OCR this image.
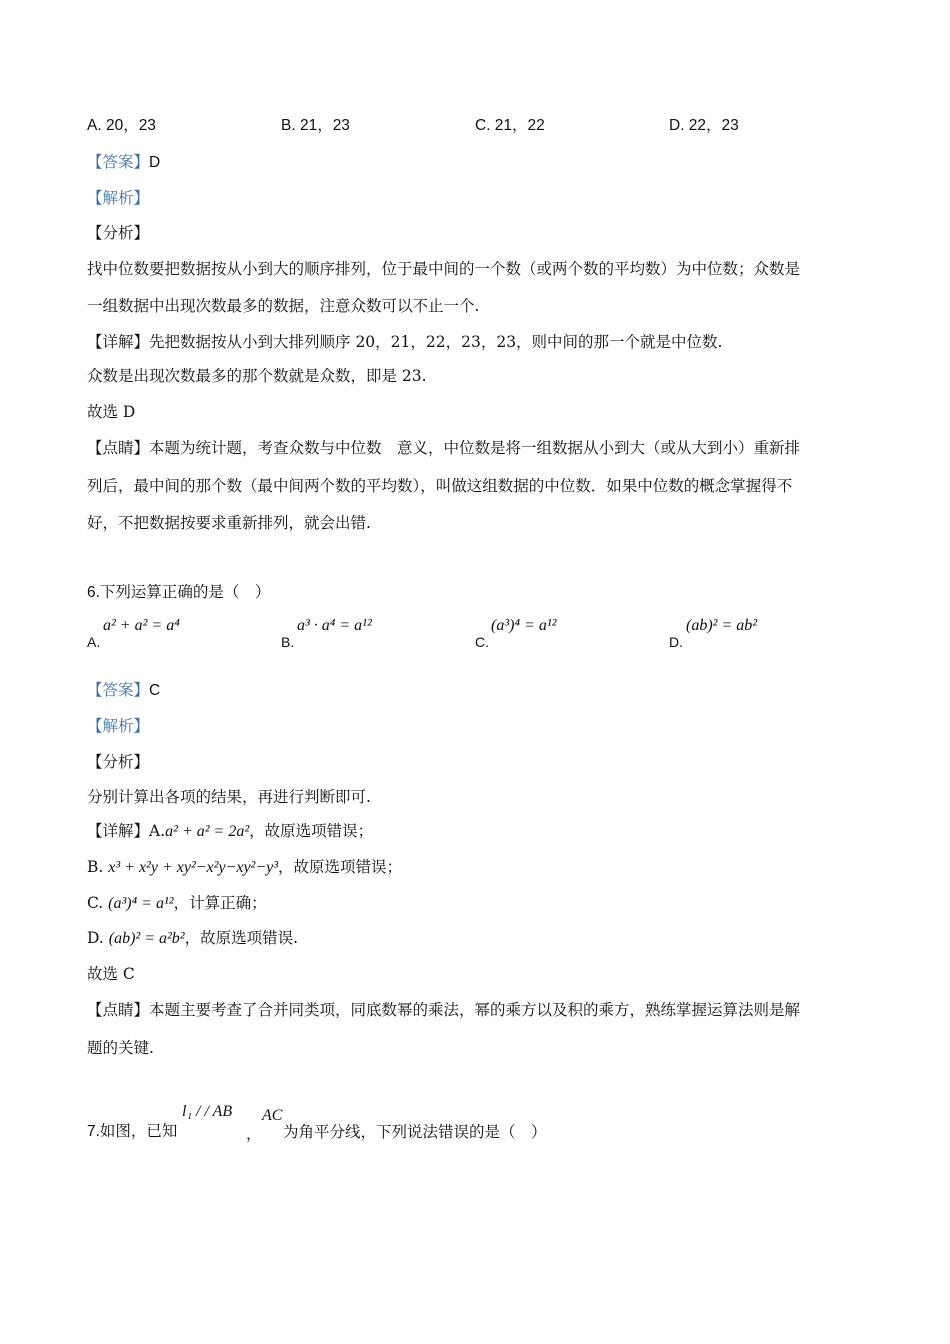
A. 20，23	B. 21，23	C. 21，22	D. 22，23
【答案】D
【解析】
【分析】
找中位数要把数据按从小到大的顺序排列，位于最中间的一个数（或两个数的平均数）为中位数；众数是
一组数据中出现次数最多的数据，注意众数可以不止一个.
【详解】先把数据按从小到大排列顺序 20，21，22，23，23，则中间的那一个就是中位数.
众数是出现次数最多的那个数就是众数，即是 23.
故选 D
【点睛】本题为统计题，考查众数与中位数　意义，中位数是将一组数据从小到大（或从大到小）重新排
列后，最中间的那个数（最中间两个数的平均数），叫做这组数据的中位数．如果中位数的概念掌握得不
好，不把数据按要求重新排列，就会出错.
6.下列运算正确的是（　）
A.
a² + a² = a⁴
B.
a³ · a⁴ = a¹²
C.
(a³)⁴ = a¹²
D.
(ab)² = ab²
【答案】C
【解析】
【分析】
分别计算出各项的结果，再进行判断即可.
【详解】A.a² + a² = 2a²，故原选项错误；
B. x³ + x²y + xy²−x²y−xy²−y³，故原选项错误；
C. (a³)⁴ = a¹²，计算正确；
D. (ab)² = a²b²，故原选项错误.
故选 C
【点睛】本题主要考查了合并同类项，同底数幂的乘法，幂的乘方以及积的乘方，熟练掌握运算法则是解
题的关键.
7.如图，已知
l₁ / / AB
，
AC
为角平分线，下列说法错误的是（　）
